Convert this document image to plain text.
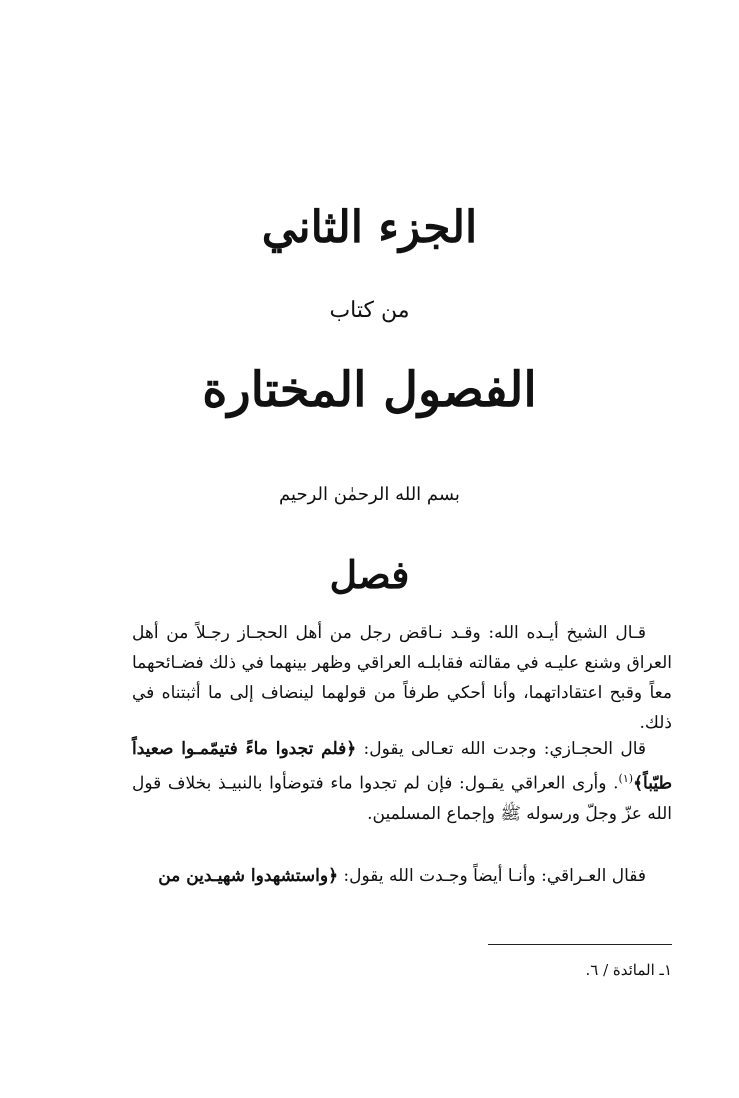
الجزء الثاني
من كتاب
الفصول المختارة
بسم الله الرحمٰن الرحيم
فصل
قـال الشيخ أيـده الله: وقـد نـاقض رجل من أهل الحجـاز رجـلاً من أهل العراق وشنع عليـه في مقالته فقابلـه العراقي وظهر بينهما في ذلك فضـائحهما معاً وقبح اعتقاداتهما، وأنا أحكي طرفاً من قولهما لينضاف إلى ما أثبتناه في ذلك.
قال الحجـازي: وجدت الله تعـالى يقول: ﴿فلم تجدوا ماءً فتيمّمـوا صعيداً طيّباً﴾$^{(١)}$. وأرى العراقي يقـول: فإن لم تجدوا ماء فتوضأوا بالنبيـذ بخلاف قول الله عزّ وجلّ ورسوله ﷺ وإجماع المسلمين.
فقال العـراقي: وأنـا أيضاً وجـدت الله يقول: ﴿واستشهدوا شهيـدين من
١ـ المائدة / ٦.
